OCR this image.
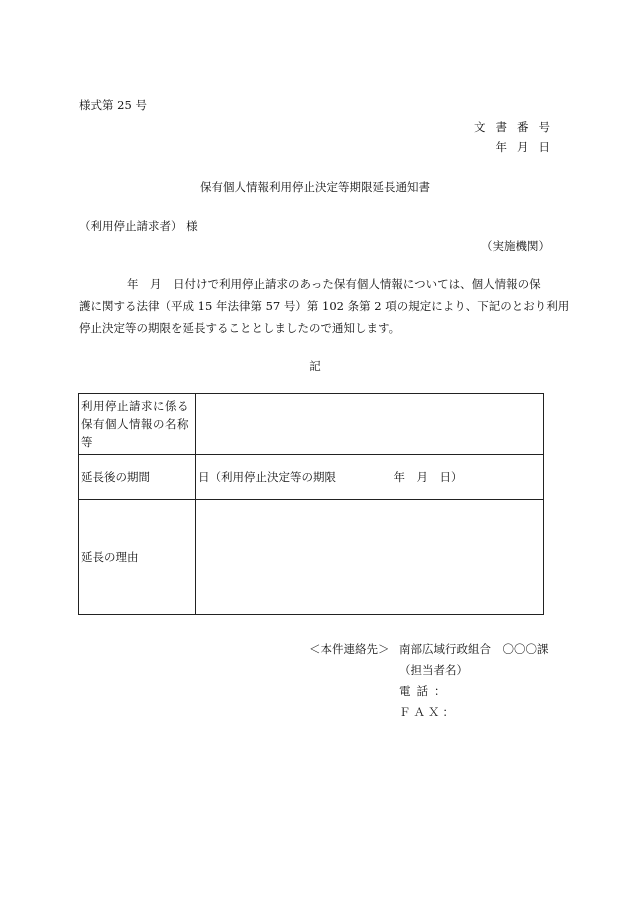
様式第 25 号
文書番号
年月日
保有個人情報利用停止決定等期限延長通知書
（利用停止請求者） 様
（実施機関）
年　月　日付けで利用停止請求のあった保有個人情報については、個人情報の保
護に関する法律（平成 15 年法律第 57 号）第 102 条第 2 項の規定により、下記のとおり利用
停止決定等の期限を延長することとしましたので通知します。
記
利用停止請求に係る保有個人情報の名称等	
延長後の期間	日（利用停止決定等の期限　　　　　年　月　日）
延長の理由	
＜本件連絡先＞ 南部広域行政組合　〇〇〇課
（担当者名）
電話：
ＦＡＸ：
